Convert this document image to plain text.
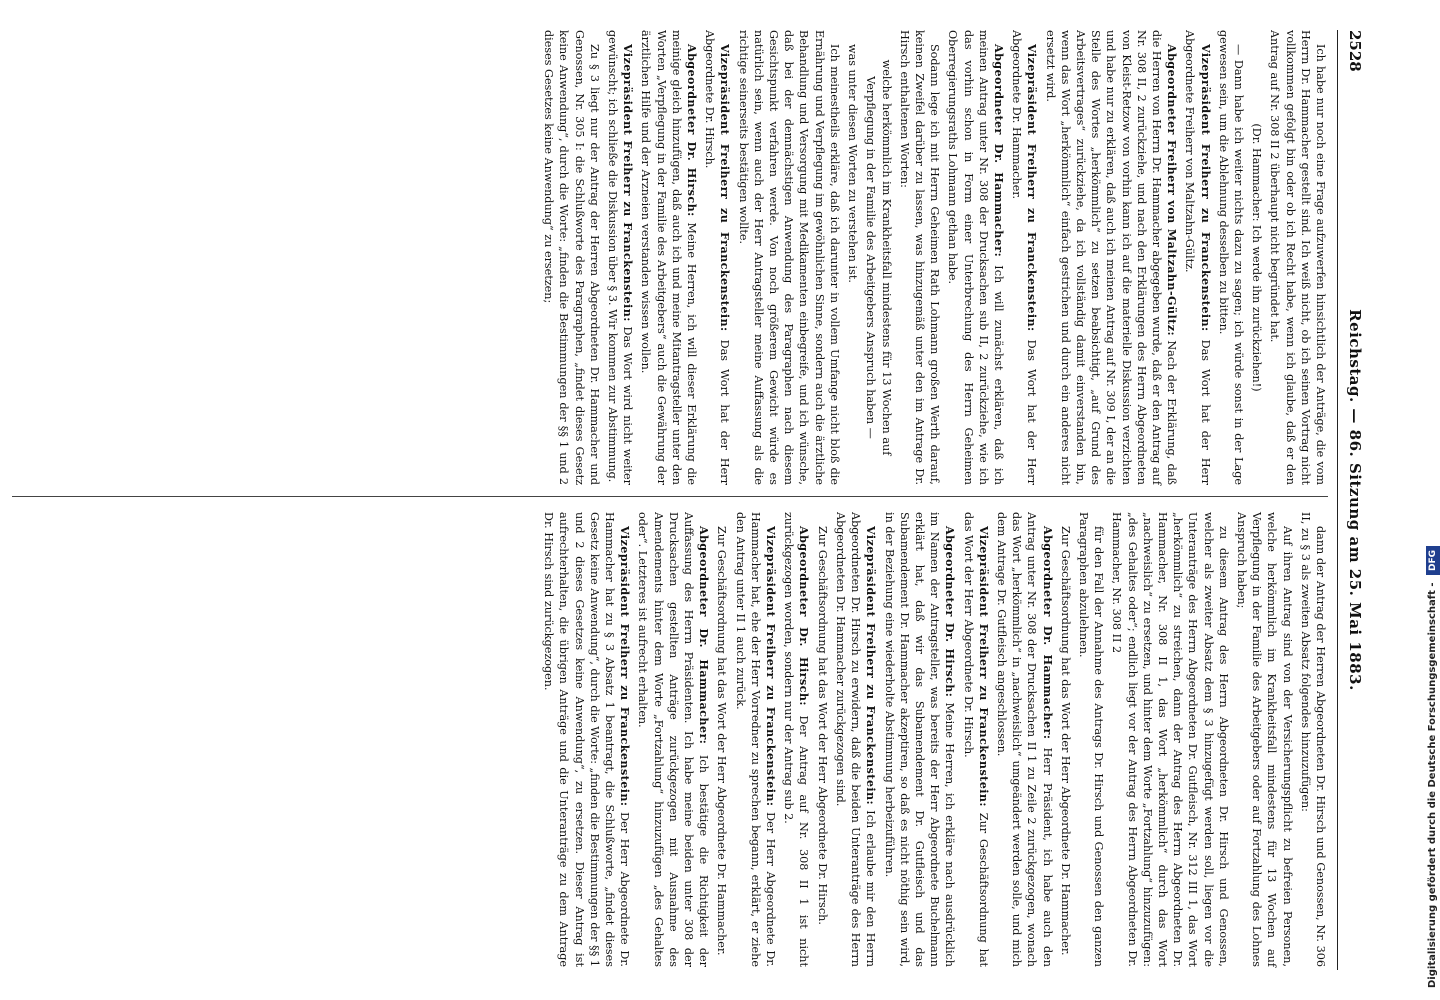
2528
Reichstag. — 86. Sitzung am 25. Mai 1883.

Ich habe nur noch eine Frage aufzuwerfen hinsichtlich der Anträge, die vom Herrn Dr. Hammacher gestellt sind. Ich weiß nicht, ob ich seinen Vortrag nicht vollkommen gefolgt bin oder ob ich Recht habe, wenn ich glaube, daß er den Antrag auf Nr. 308 II 2 überhaupt nicht begründet hat.

(Dr. Hammacher: Ich werde ihn zurückziehen!)

— Dann habe ich weiter nichts dazu zu sagen; ich würde sonst in der Lage gewesen sein, um die Ablehnung desselben zu bitten.

Vizepräsident Freiherr zu Franckenstein: Das Wort hat der Herr Abgeordnete Freiherr von Maltzahn-Gültz.

Abgeordneter Freiherr von Maltzahn-Gültz: Nach der Erklärung, daß die Herren von Herrn Dr. Hammacher abgegeben wurde, daß er den Antrag auf Nr. 308 II, 2 zurückziehe, und nach den Erklärungen des Herrn Abgeordneten von Kleist-Retzow von vorhin kann ich auf die materielle Diskussion verzichten und habe nur zu erklären, daß auch ich meinen Antrag auf Nr. 309 I, der an die Stelle des Wortes „herkömmlich“ zu setzen beabsichtigt, „auf Grund des Arbeitsvertrages“ zurückziehe, da ich vollständig damit einverstanden bin, wenn das Wort „herkömmlich“ einfach gestrichen und durch ein anderes nicht ersetzt wird.

Vizepräsident Freiherr zu Franckenstein: Das Wort hat der Herr Abgeordnete Dr. Hammacher.

Abgeordneter Dr. Hammacher: Ich will zunächst erklären, daß ich meinen Antrag unter Nr. 308 der Drucksachen sub II, 2 zurückziehe, wie ich das vorhin schon in Form einer Unterbrechung des Herrn Geheimen Oberregierungsraths Lohmann gethan habe.

Sodann lege ich mit Herrn Geheimen Rath Lohmann großen Werth darauf, keinen Zweifel darüber zu lassen, was hinzugemäß unter den im Antrage Dr. Hirsch enthaltenen Worten:

welche herkömmlich im Krankheitsfall mindestens für 13 Wochen auf Verpflegung in der Familie des Arbeitgebers Anspruch haben —

was unter diesen Worten zu verstehen ist.

Ich meinestheils erkläre, daß ich darunter in vollem Umfange nicht bloß die Ernährung und Verpflegung im gewöhnlichen Sinne, sondern auch die ärztliche Behandlung und Versorgung mit Medikamenten einbegreife, und ich wünsche, daß bei der demnächstigen Anwendung des Paragraphen nach diesem Gesichtspunkt verfahren werde. Von noch größerem Gewicht würde es natürlich sein, wenn auch der Herr Antragsteller meine Auffassung als die richtige seinerseits bestätigen wollte.

Vizepräsident Freiherr zu Franckenstein: Das Wort hat der Herr Abgeordnete Dr. Hirsch.

Abgeordneter Dr. Hirsch: Meine Herren, ich will dieser Erklärung die meinige gleich hinzufügen, daß auch ich und meine Mitantragsteller unter den Worten „Verpflegung in der Familie des Arbeitgebers“ auch die Gewährung der ärztlichen Hilfe und der Arzneien verstanden wissen wollen.

Vizepräsident Freiherr zu Franckenstein: Das Wort wird nicht weiter gewünscht; ich schließe die Diskussion über § 3. Wir kommen zur Abstimmung.

Zu § 3 liegt nur der Antrag der Herren Abgeordneten Dr. Hammacher und Genossen, Nr. 305 I: die Schlußworte des Paragraphen, „findet dieses Gesetz keine Anwendung“, durch die Worte: „finden die Bestimmungen der §§ 1 und 2 dieses Gesetzes keine Anwendung“ zu ersetzen;

dann der Antrag der Herren Abgeordneten Dr. Hirsch und Genossen, Nr. 306 II, zu § 3 als zweiten Absatz folgendes hinzuzufügen:

Auf ihren Antrag sind von der Versicherungspflicht zu befreien Personen, welche herkömmlich im Krankheitsfall mindestens für 13 Wochen auf Verpflegung in der Familie des Arbeitgebers oder auf Fortzahlung des Lohnes Anspruch haben;

zu diesem Antrag des Herrn Abgeordneten Dr. Hirsch und Genossen, welcher als zweiter Absatz dem § 3 hinzugefügt werden soll, liegen vor die Unteranträge des Herrn Abgeordneten Dr. Gutfleisch, Nr. 312 III 1, das Wort „herkömmlich“ zu streichen, dann der Antrag des Herrn Abgeordneten Dr. Hammacher, Nr. 308 II 1, das Wort „herkömmlich“ durch das Wort „nachweislich“ zu ersetzen, und hinter dem Worte „Fortzahlung“ hinzuzufügen: „des Gehaltes oder“; endlich liegt vor der Antrag des Herrn Abgeordneten Dr. Hammacher, Nr. 308 II 2

für den Fall der Annahme des Antrags Dr. Hirsch und Genossen den ganzen Paragraphen abzulehnen.

Zur Geschäftsordnung hat das Wort der Herr Abgeordnete Dr. Hammacher.

Abgeordneter Dr. Hammacher: Herr Präsident, ich habe auch den Antrag unter Nr. 308 der Drucksachen II 1 zu Zeile 2 zurückgezogen, wonach das Wort „herkömmlich“ in „nachweislich“ umgeändert werden solle, und mich dem Antrage Dr. Gutfleisch angeschlossen.

Vizepräsident Freiherr zu Franckenstein: Zur Geschäftsordnung hat das Wort der Herr Abgeordnete Dr. Hirsch.

Abgeordneter Dr. Hirsch: Meine Herren, ich erkläre nach ausdrücklich im Namen der Antragsteller, was bereits der Herr Abgeordnete Buchelmann erklärt hat, daß wir das Subamendement Dr. Gutfleisch und das Subamendement Dr. Hammacher akzeptiren, so daß es nicht nöthig sein wird, in der Beziehung eine wiederholte Abstimmung herbeizuführen.

Vizepräsident Freiherr zu Franckenstein: Ich erlaube mir den Herrn Abgeordneten Dr. Hirsch zu erwidern, daß die beiden Unteranträge des Herrn Abgeordneten Dr. Hammacher zurückgezogen sind.

Zur Geschäftsordnung hat das Wort der Herr Abgeordnete Dr. Hirsch.

Abgeordneter Dr. Hirsch: Der Antrag auf Nr. 308 II 1 ist nicht zurückgezogen worden, sondern nur der Antrag sub 2.

Vizepräsident Freiherr zu Franckenstein: Der Herr Abgeordnete Dr. Hammacher hat, ehe der Herr Vorredner zu sprechen begann, erklärt, er ziehe den Antrag unter II 1 auch zurück.

Zur Geschäftsordnung hat das Wort der Herr Abgeordnete Dr. Hammacher.

Abgeordneter Dr. Hammacher: Ich bestätige die Richtigkeit der Auffassung des Herrn Präsidenten. Ich habe meine beiden unter 308 der Drucksachen gestellten Anträge zurückgezogen mit Ausnahme des Amendements hinter dem Worte „Fortzahlung“ hinzuzufügen „des Gehaltes oder“. Letzteres ist aufrecht erhalten.

Vizepräsident Freiherr zu Franckenstein: Der Herr Abgeordnete Dr. Hammacher hat zu § 3 Absatz 1 beantragt, die Schlußworte, „findet dieses Gesetz keine Anwendung“, durch die Worte: „finden die Bestimmungen der §§ 1 und 2 dieses Gesetzes keine Anwendung“, zu ersetzen. Dieser Antrag ist aufrechterhalten, die übrigen Anträge und die Unteranträge zu dem Antrage Dr. Hirsch sind zurückgezogen.	Digitalisierung gefördert durch die Deutsche Forschungsgemeinschaft - DFG
